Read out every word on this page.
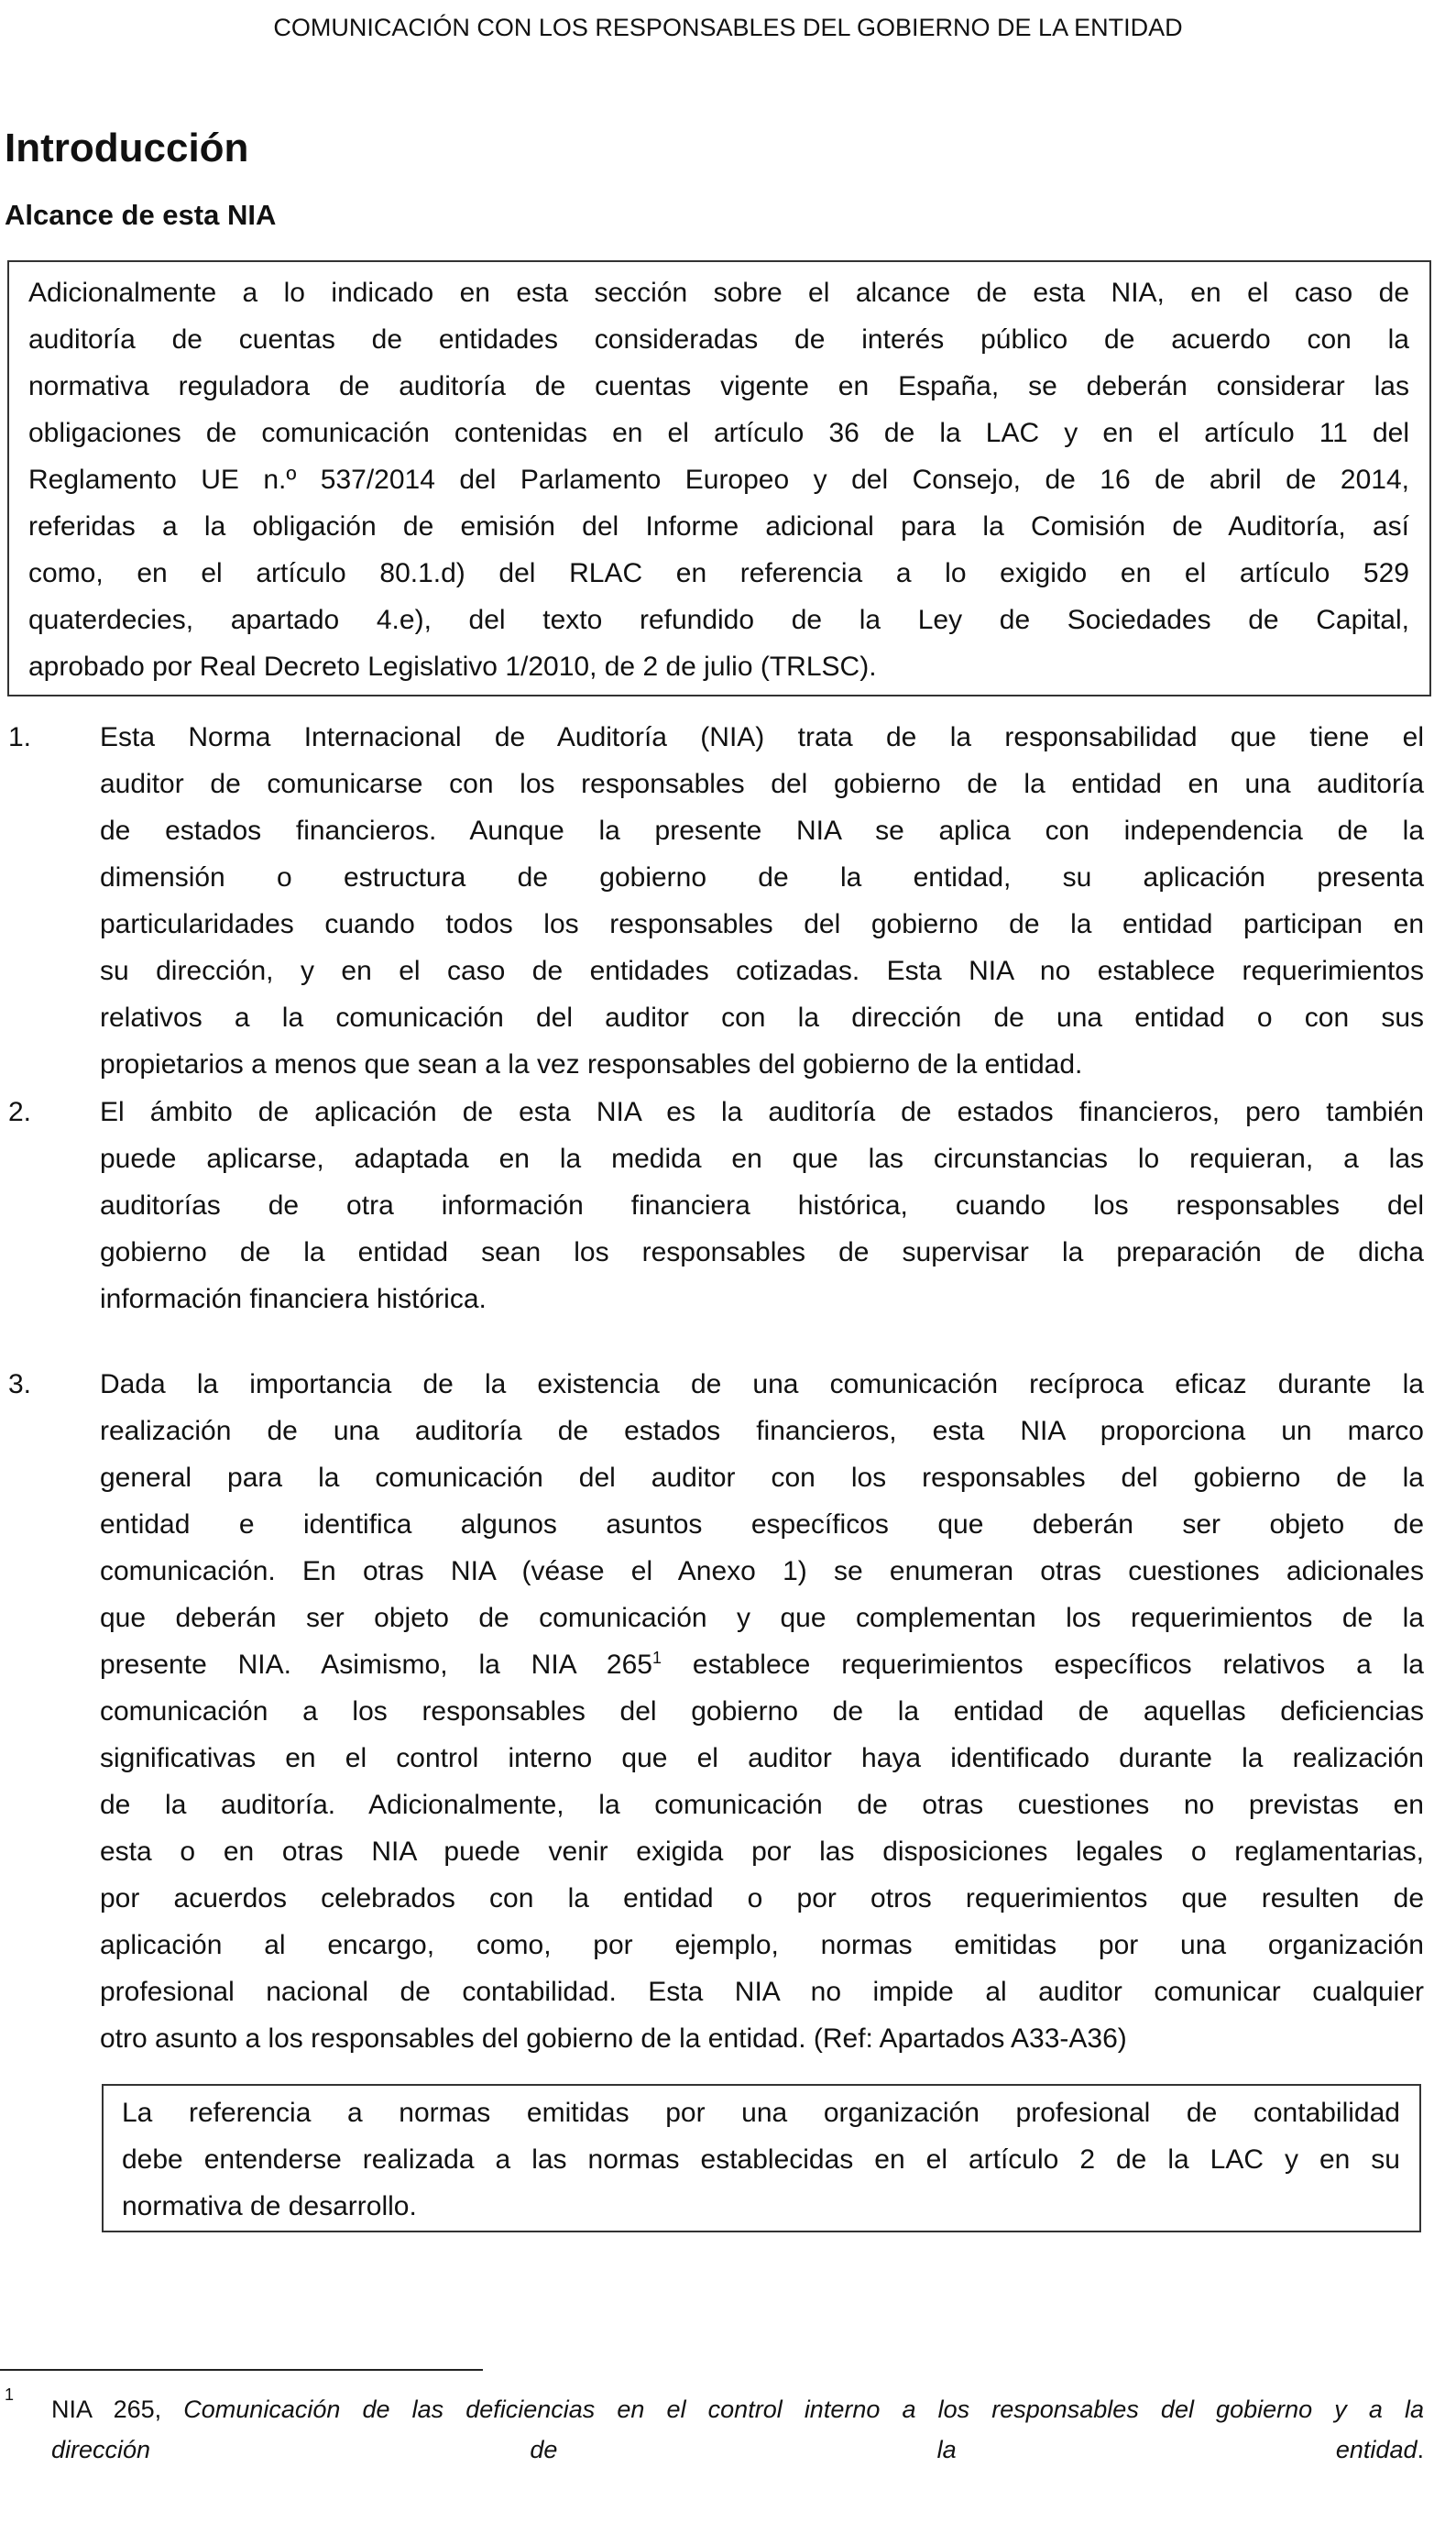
COMUNICACIÓN CON LOS RESPONSABLES DEL GOBIERNO DE LA ENTIDAD
Introducción
Alcance de esta NIA
Adicionalmente a lo indicado en esta sección sobre el alcance de esta NIA, en el caso de
auditoría de cuentas de entidades consideradas de interés público de acuerdo con la
normativa reguladora de auditoría de cuentas vigente en España, se deberán considerar las
obligaciones de comunicación contenidas en el artículo 36 de la LAC y en el artículo 11 del
Reglamento UE n.º 537/2014 del Parlamento Europeo y del Consejo, de 16 de abril de 2014,
referidas a la obligación de emisión del Informe adicional para la Comisión de Auditoría, así
como, en el artículo 80.1.d) del RLAC en referencia a lo exigido en el artículo 529
quaterdecies, apartado 4.e), del texto refundido de la Ley de Sociedades de Capital,
aprobado por Real Decreto Legislativo 1/2010, de 2 de julio (TRLSC).
1. Esta Norma Internacional de Auditoría (NIA) trata de la responsabilidad que tiene el
auditor de comunicarse con los responsables del gobierno de la entidad en una auditoría
de estados financieros. Aunque la presente NIA se aplica con independencia de la
dimensión o estructura de gobierno de la entidad, su aplicación presenta
particularidades cuando todos los responsables del gobierno de la entidad participan en
su dirección, y en el caso de entidades cotizadas. Esta NIA no establece requerimientos
relativos a la comunicación del auditor con la dirección de una entidad o con sus
propietarios a menos que sean a la vez responsables del gobierno de la entidad.
2. El ámbito de aplicación de esta NIA es la auditoría de estados financieros, pero también
puede aplicarse, adaptada en la medida en que las circunstancias lo requieran, a las
auditorías de otra información financiera histórica, cuando los responsables del
gobierno de la entidad sean los responsables de supervisar la preparación de dicha
información financiera histórica.
3. Dada la importancia de la existencia de una comunicación recíproca eficaz durante la
realización de una auditoría de estados financieros, esta NIA proporciona un marco
general para la comunicación del auditor con los responsables del gobierno de la
entidad e identifica algunos asuntos específicos que deberán ser objeto de
comunicación. En otras NIA (véase el Anexo 1) se enumeran otras cuestiones adicionales
que deberán ser objeto de comunicación y que complementan los requerimientos de la
presente NIA. Asimismo, la NIA $265^1$ establece requerimientos específicos relativos a la
comunicación a los responsables del gobierno de la entidad de aquellas deficiencias
significativas en el control interno que el auditor haya identificado durante la realización
de la auditoría. Adicionalmente, la comunicación de otras cuestiones no previstas en
esta o en otras NIA puede venir exigida por las disposiciones legales o reglamentarias,
por acuerdos celebrados con la entidad o por otros requerimientos que resulten de
aplicación al encargo, como, por ejemplo, normas emitidas por una organización
profesional nacional de contabilidad. Esta NIA no impide al auditor comunicar cualquier
otro asunto a los responsables del gobierno de la entidad. (Ref: Apartados A33-A36)
La referencia a normas emitidas por una organización profesional de contabilidad
debe entenderse realizada a las normas establecidas en el artículo 2 de la LAC y en su
normativa de desarrollo.
1
NIA 265, Comunicación de las deficiencias en el control interno a los responsables del gobierno y a la
dirección de la entidad.
